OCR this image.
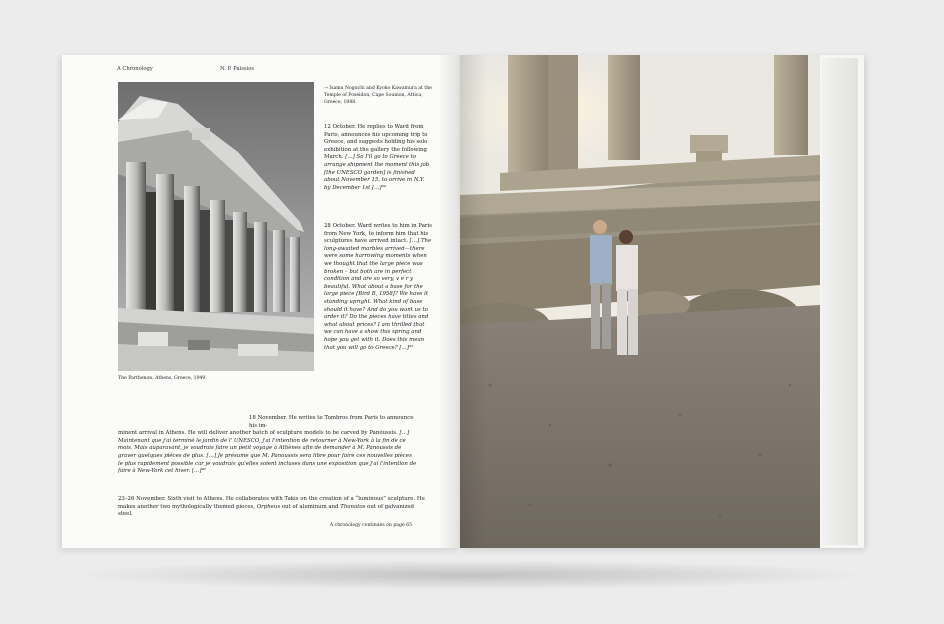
A Chronology	N. P. Paissios
The Parthenon, Athens, Greece, 1949.
→ Isamu Noguchi and Kyoko Kawamura at the Temple of Poseidon, Cape Sounion, Attica, Greece, 1988.
12 October. He replies to Ward from Paris, announces his upcoming trip to Greece, and suggests holding his solo exhibition at the gallery the following March. […] So I'll go to Greece to arrange shipment the moment this job [the UNESCO garden] is finished about November 15, to arrive in N.Y. by December 1st […]³⁴
28 October. Ward writes to him in Paris from New York, to inform him that his sculptures have arrived intact. […] The long-awaited marbles arrived—there were some harrowing moments when we thought that the large piece was broken – but both are in perfect condition and are so very, v e r y beautiful. What about a base for the large piece [Bird B, 1958]? We have it standing upright. What kind of base should it have? And do you want us to order it? Do the pieces have titles and what about prices? I am thrilled that we can have a show this spring and hope you get with it. Does this mean that you will go to Greece? […]³⁵
18 November. He writes to Tombros from Paris to announce his im-
minent arrival in Athens. He will deliver another batch of sculpture models to be carved by Panoussis. […] Maintenant que j'ai terminé le jardin de l' UNESCO, j'ai l'intention de retourner à New-York à la fin de ce mois. Mais auparavant, je voudrais faire un petit voyage à Athènes afin de demander à M. Panoussis de graver quelques pièces de plus. […] Je présume que M. Panoussis sera libre pour faire ces nouvelles pièces le plus rapidement possible car je voudrais qu'elles soient incluses dans une exposition que j'ai l'intention de faire à New-York cet hiver. […]³⁶
23–26 November. Sixth visit to Athens. He collaborates with Takis on the creation of a “luminous” sculpture. He makes another two mythologically themed pieces, Orpheus out of aluminum and Thanatos out of galvanized steel.
A chronology continues on page 65
